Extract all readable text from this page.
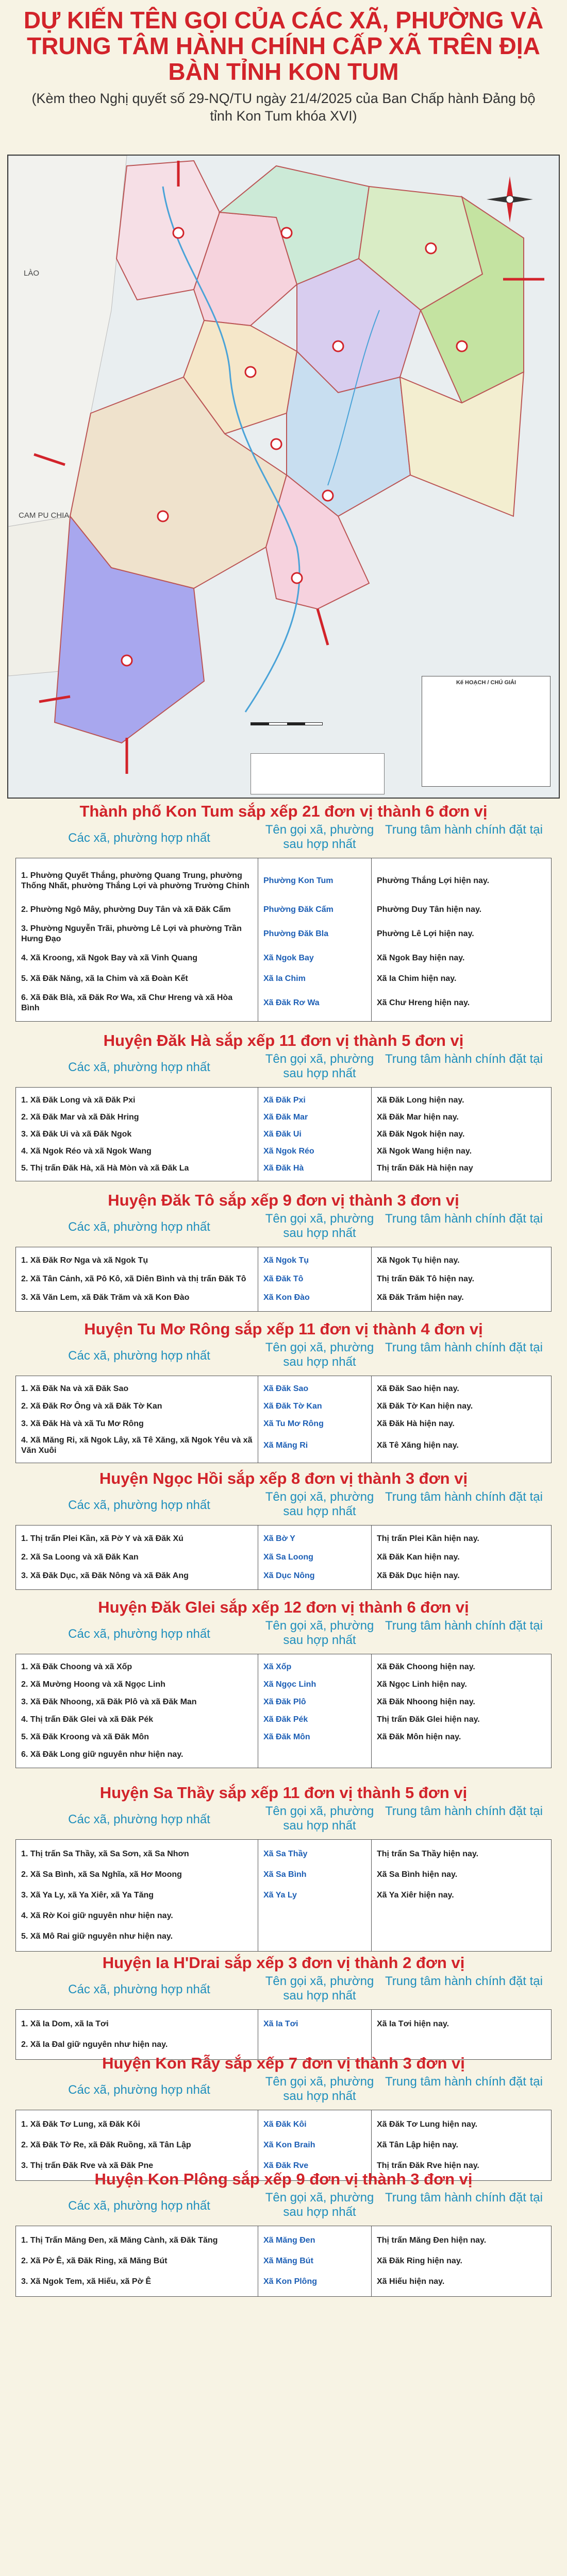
DỰ KIẾN TÊN GỌI CỦA CÁC XÃ, PHƯỜNG VÀ TRUNG TÂM HÀNH CHÍNH CẤP XÃ TRÊN ĐỊA BÀN TỈNH KON TUM
(Kèm theo Nghị quyết số 29-NQ/TU ngày 21/4/2025 của Ban Chấp hành Đảng bộ tỉnh Kon Tum khóa XVI)
LÀO
CAM PU CHIA
Kế HOẠCH / CHÚ GIẢI
Thành phố Kon Tum sắp xếp 21 đơn vị thành 6 đơn vị
Các xã, phường hợp nhất
Tên gọi xã, phường sau hợp nhất
Trung tâm hành chính đặt tại
1. Phường Quyết Thắng, phường Quang Trung, phường Thống Nhất, phường Thắng Lợi và phường Trường Chinh
2. Phường Ngô Mây, phường Duy Tân và xã Đăk Cấm
3. Phường Nguyễn Trãi, phường Lê Lợi và phường Trần Hưng Đạo
4. Xã Kroong, xã Ngok Bay và xã Vinh Quang
5. Xã Đăk Năng, xã Ia Chim và xã Đoàn Kết
6. Xã Đăk Blà, xã Đăk Rơ Wa, xã Chư Hreng và xã Hòa Bình
Phường Kon Tum
Phường Đăk Cấm
Phường Đăk Bla
Xã Ngok Bay
Xã Ia Chim
Xã Đăk Rơ Wa
Phường Thắng Lợi hiện nay.
Phường Duy Tân hiện nay.
Phường Lê Lợi hiện nay.
Xã Ngok Bay hiện nay.
Xã Ia Chim hiện nay.
Xã Chư Hreng hiện nay.
Huyện Đăk Hà sắp xếp 11 đơn vị thành 5 đơn vị
Các xã, phường hợp nhất
Tên gọi xã, phường sau hợp nhất
Trung tâm hành chính đặt tại
1. Xã Đăk Long và xã Đăk Pxi
2. Xã Đăk Mar và xã Đăk Hring
3. Xã Đăk Ui và xã Đăk Ngok
4. Xã Ngok Réo và xã Ngok Wang
5. Thị trấn Đăk Hà, xã Hà Mòn và xã Đăk La
Xã Đăk Pxi
Xã Đăk Mar
Xã Đăk Ui
Xã Ngok Réo
Xã Đăk Hà
Xã Đăk Long hiện nay.
Xã Đăk Mar hiện nay.
Xã Đăk Ngok hiện nay.
Xã Ngok Wang hiện nay.
Thị trấn Đăk Hà hiện nay
Huyện Đăk Tô sắp xếp 9 đơn vị thành 3 đơn vị
Các xã, phường hợp nhất
Tên gọi xã, phường sau hợp nhất
Trung tâm hành chính đặt tại
1. Xã Đăk Rơ Nga và xã Ngok Tụ
2. Xã Tân Cảnh, xã Pô Kô, xã Diên Bình và thị trấn Đăk Tô
3. Xã Văn Lem, xã Đăk Trăm và xã Kon Đào
Xã Ngok Tụ
Xã Đăk Tô
Xã Kon Đào
Xã Ngok Tụ hiện nay.
Thị trấn Đăk Tô hiện nay.
Xã Đăk Trăm hiện nay.
Huyện Tu Mơ Rông sắp xếp 11 đơn vị thành 4 đơn vị
Các xã, phường hợp nhất
Tên gọi xã, phường sau hợp nhất
Trung tâm hành chính đặt tại
1. Xã Đăk Na và xã Đăk Sao
2. Xã Đăk Rơ Ông và xã Đăk Tờ Kan
3. Xã Đăk Hà và xã Tu Mơ Rông
4. Xã Măng Ri, xã Ngok Lây, xã Tê Xăng, xã Ngok Yêu và xã Văn Xuôi
Xã Đăk Sao
Xã Đăk Tờ Kan
Xã Tu Mơ Rông
Xã Măng Ri
Xã Đăk Sao hiện nay.
Xã Đăk Tờ Kan hiện nay.
Xã Đăk Hà hiện nay.
Xã Tê Xăng hiện nay.
Huyện Ngọc Hồi sắp xếp 8 đơn vị thành 3 đơn vị
Các xã, phường hợp nhất
Tên gọi xã, phường sau hợp nhất
Trung tâm hành chính đặt tại
1. Thị trấn Plei Kần, xã Pờ Y và xã Đăk Xú
2. Xã Sa Loong và xã Đăk Kan
3. Xã Đăk Dục, xã Đăk Nông và xã Đăk Ang
Xã Bờ Y
Xã Sa Loong
Xã Dục Nông
Thị trấn Plei Kần hiện nay.
Xã Đăk Kan hiện nay.
Xã Đăk Dục hiện nay.
Huyện Đăk Glei sắp xếp 12 đơn vị thành 6 đơn vị
Các xã, phường hợp nhất
Tên gọi xã, phường sau hợp nhất
Trung tâm hành chính đặt tại
1. Xã Đăk Choong và xã Xốp
2. Xã Mường Hoong và xã Ngọc Linh
3. Xã Đăk Nhoong, xã Đăk Plô và xã Đăk Man
4. Thị trấn Đăk Glei và xã Đăk Pék
5. Xã Đăk Kroong và xã Đăk Môn
6. Xã Đăk Long giữ nguyên như hiện nay.
Xã Xốp
Xã Ngọc Linh
Xã Đăk Plô
Xã Đăk Pék
Xã Đăk Môn
Xã Đăk Choong hiện nay.
Xã Ngọc Linh hiện nay.
Xã Đăk Nhoong hiện nay.
Thị trấn Đăk Glei hiện nay.
Xã Đăk Môn hiện nay.
Huyện Sa Thầy sắp xếp 11 đơn vị thành 5 đơn vị
Các xã, phường hợp nhất
Tên gọi xã, phường sau hợp nhất
Trung tâm hành chính đặt tại
1. Thị trấn Sa Thầy, xã Sa Sơn, xã Sa Nhơn
2. Xã Sa Bình, xã Sa Nghĩa, xã Hơ Moong
3. Xã Ya Ly, xã Ya Xiêr, xã Ya Tăng
4. Xã Rờ Koi giữ nguyên như hiện nay.
5. Xã Mô Rai giữ nguyên như hiện nay.
Xã Sa Thầy
Xã Sa Bình
Xã Ya Ly
Thị trấn Sa Thầy hiện nay.
Xã Sa Bình hiện nay.
Xã Ya Xiêr hiện nay.
Huyện Ia H'Drai sắp xếp 3 đơn vị thành 2 đơn vị
Các xã, phường hợp nhất
Tên gọi xã, phường sau hợp nhất
Trung tâm hành chính đặt tại
1. Xã Ia Dom, xã Ia Tơi
2. Xã Ia Đal giữ nguyên như hiện nay.
Xã Ia Tơi	Xã Ia Tơi hiện nay.
Huyện Kon Rẫy sắp xếp 7 đơn vị thành 3 đơn vị
Các xã, phường hợp nhất
Tên gọi xã, phường sau hợp nhất
Trung tâm hành chính đặt tại
1. Xã Đăk Tơ Lung, xã Đăk Kôi
2. Xã Đăk Tờ Re, xã Đăk Ruồng, xã Tân Lập
3. Thị trấn Đăk Rve và xã Đăk Pne
Xã Đăk Kôi
Xã Kon Braih
Xã Đăk Rve
Xã Đăk Tơ Lung hiện nay.
Xã Tân Lập hiện nay.
Thị trấn Đăk Rve hiện nay.
Huyện Kon Plông sắp xếp 9 đơn vị thành 3 đơn vị
Các xã, phường hợp nhất
Tên gọi xã, phường sau hợp nhất
Trung tâm hành chính đặt tại
1. Thị Trấn Măng Đen, xã Măng Cành, xã Đăk Tăng
2. Xã Pờ Ê, xã Đăk Ring, xã Măng Bút
3. Xã Ngok Tem, xã Hiếu, xã Pờ Ê
Xã Măng Đen
Xã Măng Bút
Xã Kon Plông
Thị trấn Măng Đen hiện nay.
Xã Đăk Ring hiện nay.
Xã Hiếu hiện nay.
